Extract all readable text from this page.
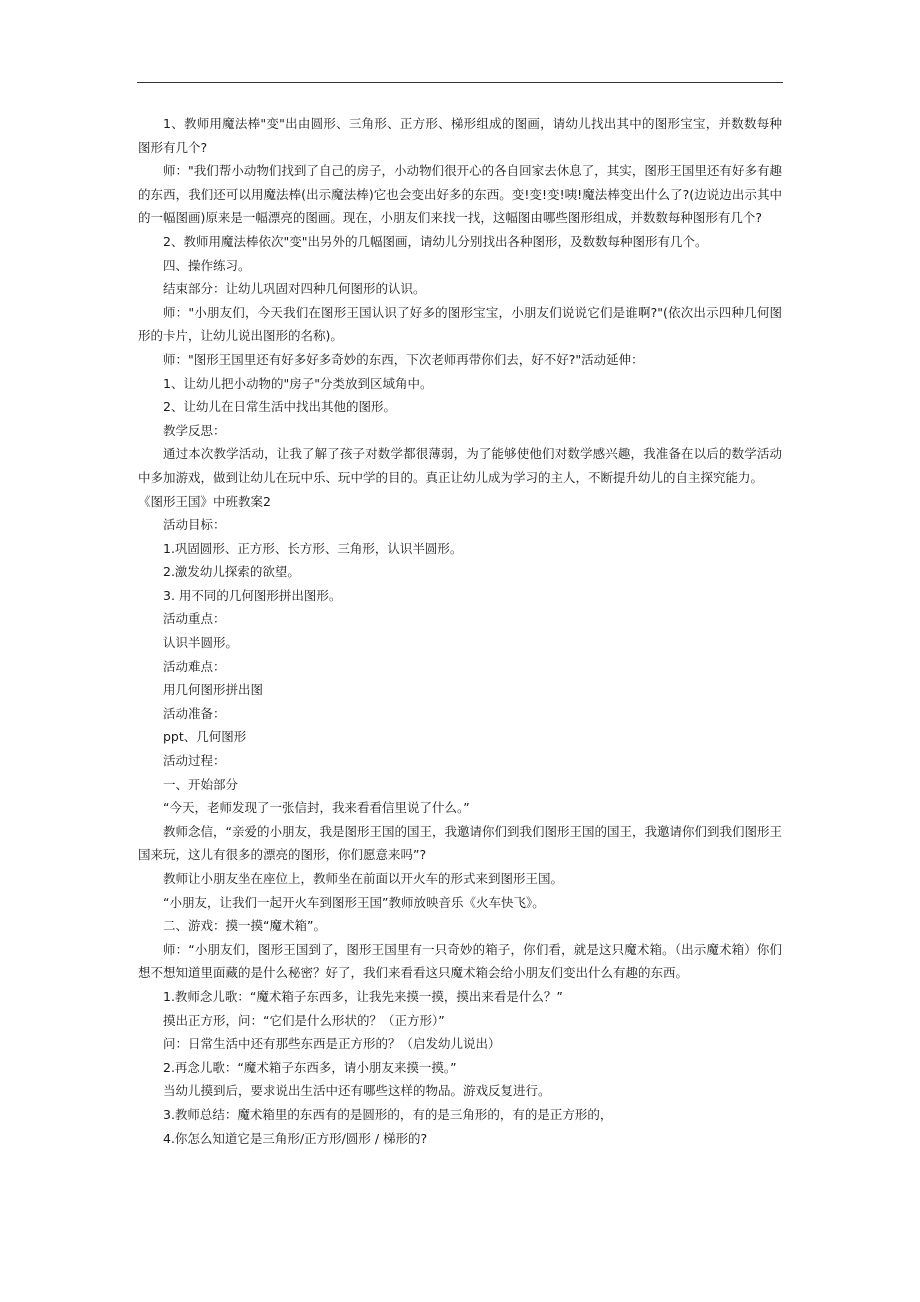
1、教师用魔法棒"变"出由圆形、三角形、正方形、梯形组成的图画，请幼儿找出其中的图形宝宝，并数数每种图形有几个?

师："我们帮小动物们找到了自己的房子，小动物们很开心的各自回家去休息了，其实，图形王国里还有好多有趣的东西，我们还可以用魔法棒(出示魔法棒)它也会变出好多的东西。变!变!变!咦!魔法棒变出什么了?(边说边出示其中的一幅图画)原来是一幅漂亮的图画。现在，小朋友们来找一找，这幅图由哪些图形组成，并数数每种图形有几个?

2、教师用魔法棒依次"变"出另外的几幅图画，请幼儿分别找出各种图形，及数数每种图形有几个。

四、操作练习。

结束部分：让幼儿巩固对四种几何图形的认识。

师："小朋友们，今天我们在图形王国认识了好多的图形宝宝，小朋友们说说它们是谁啊?"(依次出示四种几何图形的卡片，让幼儿说出图形的名称)。

师："图形王国里还有好多好多奇妙的东西，下次老师再带你们去，好不好?"活动延伸：

1、让幼儿把小动物的"房子"分类放到区域角中。

2、让幼儿在日常生活中找出其他的图形。

教学反思：

通过本次教学活动，让我了解了孩子对数学都很薄弱，为了能够使他们对数学感兴趣，我准备在以后的数学活动中多加游戏，做到让幼儿在玩中乐、玩中学的目的。真正让幼儿成为学习的主人，不断提升幼儿的自主探究能力。

《图形王国》中班教案2

活动目标：

1.巩固圆形、正方形、长方形、三角形，认识半圆形。

2.激发幼儿探索的欲望。

3. 用不同的几何图形拼出图形。

活动重点：

认识半圆形。

活动难点：

用几何图形拼出图

活动准备：

ppt、几何图形

活动过程：

一、开始部分

“今天，老师发现了一张信封，我来看看信里说了什么。”

教师念信，“亲爱的小朋友，我是图形王国的国王，我邀请你们到我们图形王国的国王，我邀请你们到我们图形王国来玩，这儿有很多的漂亮的图形，你们愿意来吗”?

教师让小朋友坐在座位上，教师坐在前面以开火车的形式来到图形王国。

“小朋友，让我们一起开火车到图形王国”教师放映音乐《火车快飞》。

二、游戏：摸一摸“魔术箱”。

师：“小朋友们，图形王国到了，图形王国里有一只奇妙的箱子，你们看，就是这只魔术箱。（出示魔术箱）你们想不想知道里面藏的是什么秘密？好了，我们来看看这只魔术箱会给小朋友们变出什么有趣的东西。

1.教师念儿歌：“魔术箱子东西多，让我先来摸一摸，摸出来看是什么？”

摸出正方形，问：“它们是什么形状的？（正方形）”

问：日常生活中还有那些东西是正方形的？（启发幼儿说出）

2.再念儿歌：“魔术箱子东西多，请小朋友来摸一摸。”

当幼儿摸到后，要求说出生活中还有哪些这样的物品。游戏反复进行。

3.教师总结：魔术箱里的东西有的是圆形的，有的是三角形的，有的是正方形的，

4.你怎么知道它是三角形/正方形/圆形 / 梯形的?
